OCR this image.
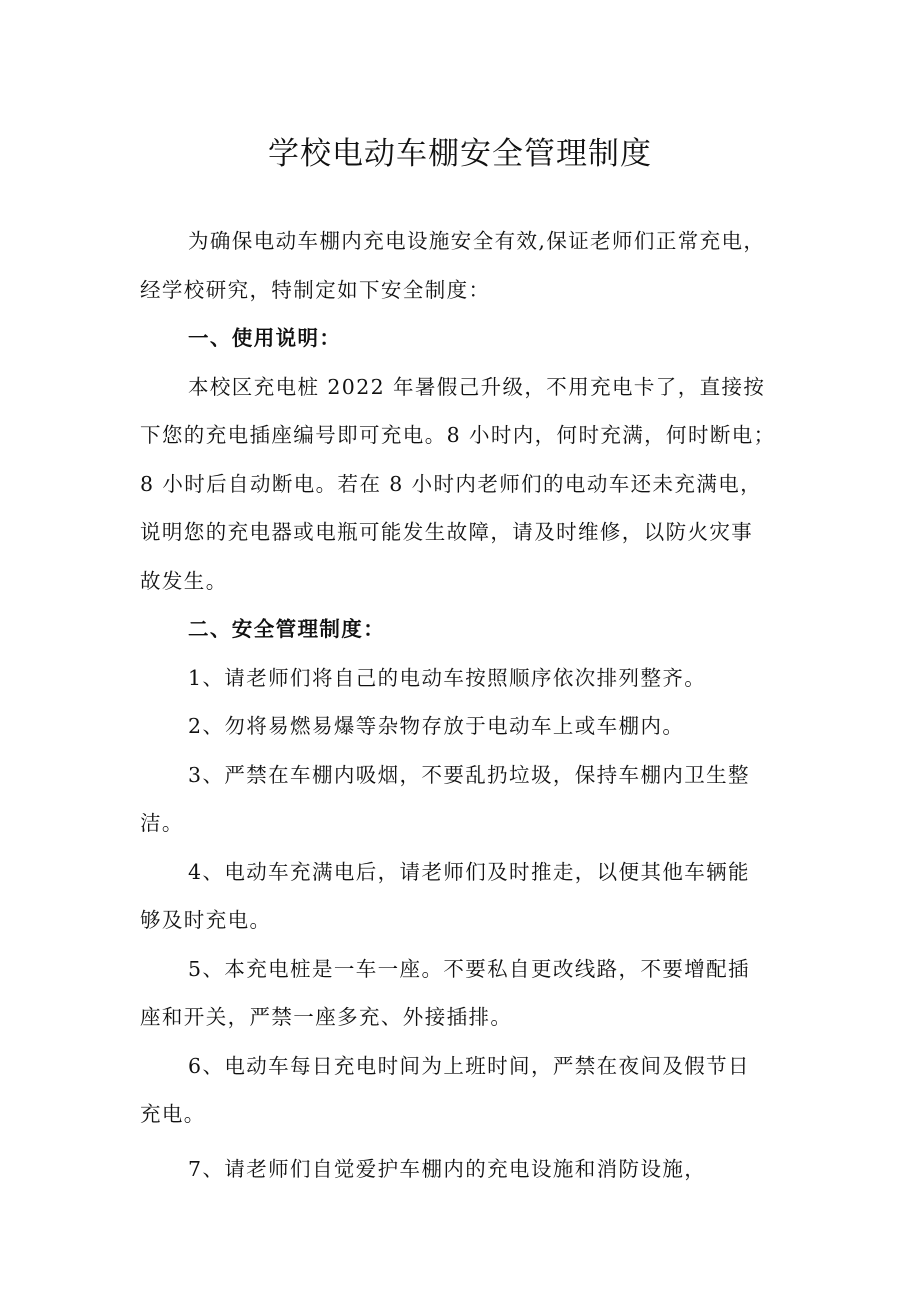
学校电动车棚安全管理制度
为确保电动车棚内充电设施安全有效,保证老师们正常充电，
经学校研究，特制定如下安全制度：
一、使用说明：
本校区充电桩 2022 年暑假己升级，不用充电卡了，直接按
下您的充电插座编号即可充电。8 小时内，何时充满，何时断电；
8 小时后自动断电。若在 8 小时内老师们的电动车还未充满电，
说明您的充电器或电瓶可能发生故障，请及时维修，以防火灾事
故发生。
二、安全管理制度：
1、请老师们将自己的电动车按照顺序依次排列整齐。
2、勿将易燃易爆等杂物存放于电动车上或车棚内。
3、严禁在车棚内吸烟，不要乱扔垃圾，保持车棚内卫生整
洁。
4、电动车充满电后，请老师们及时推走，以便其他车辆能
够及时充电。
5、本充电桩是一车一座。不要私自更改线路，不要增配插
座和开关，严禁一座多充、外接插排。
6、电动车每日充电时间为上班时间，严禁在夜间及假节日
充电。
7、请老师们自觉爱护车棚内的充电设施和消防设施，
